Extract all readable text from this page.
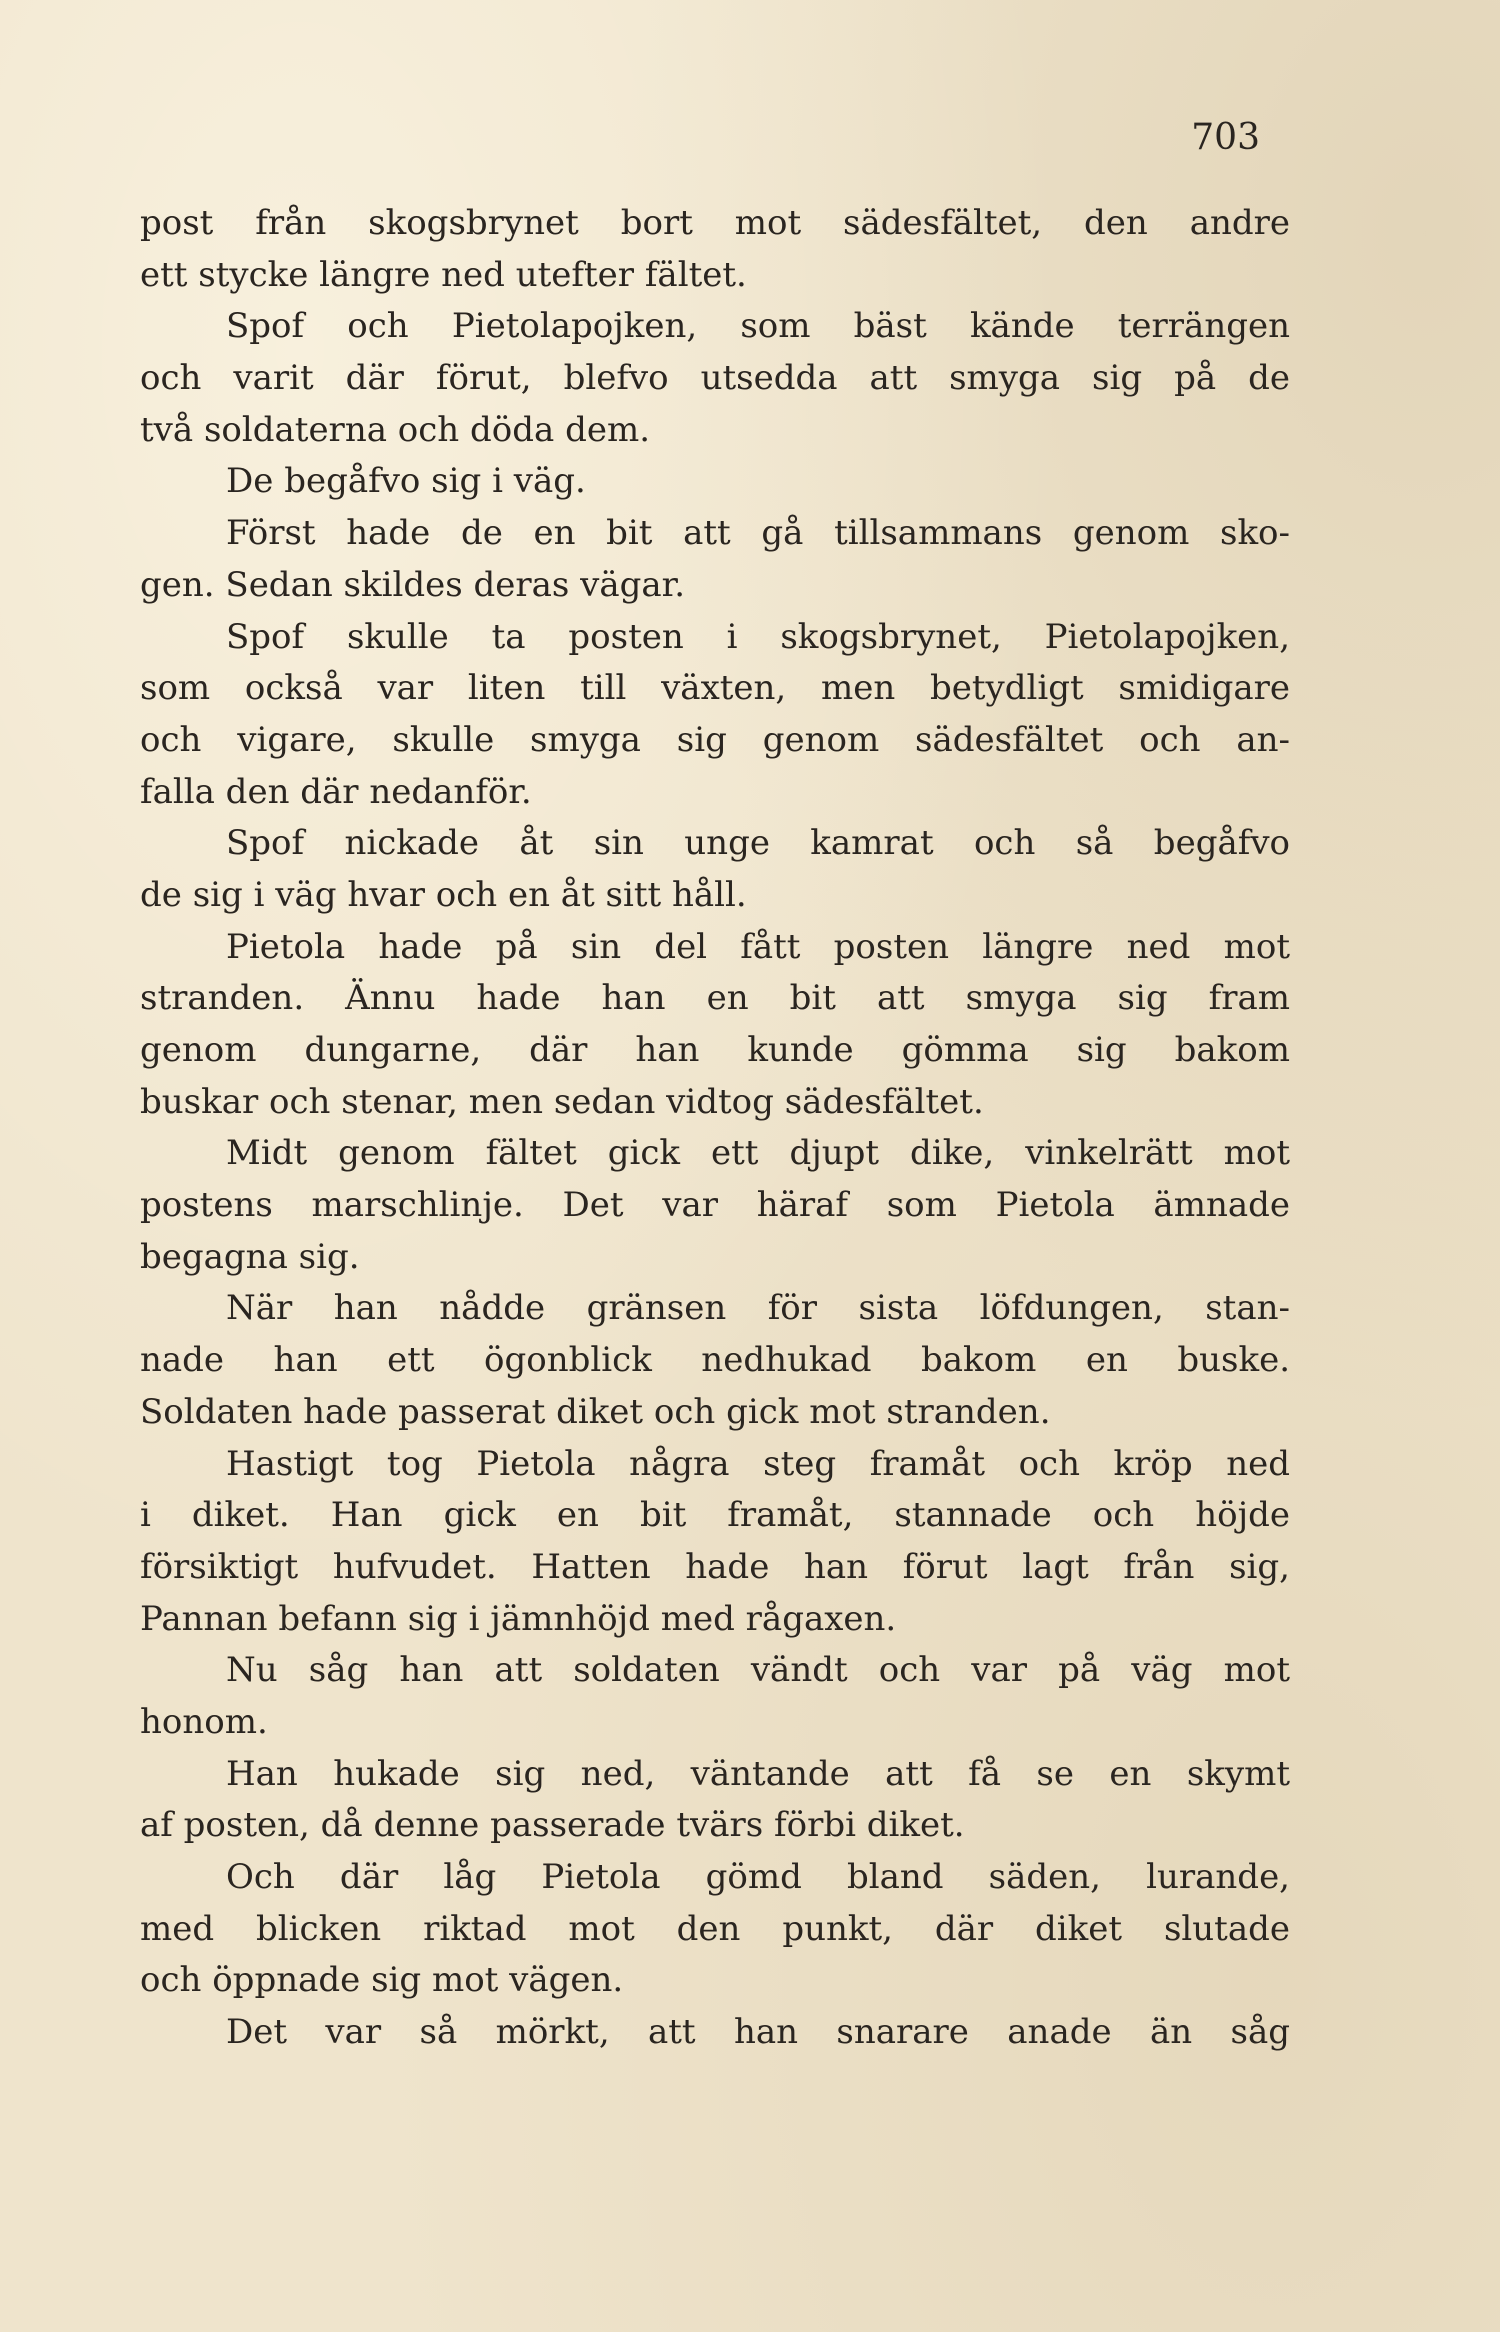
703
post från skogsbrynet bort mot sädesfältet, den andre
ett stycke längre ned utefter fältet.
Spof och Pietolapojken, som bäst kände terrängen
och varit där förut, blefvo utsedda att smyga sig på de
två soldaterna och döda dem.
De begåfvo sig i väg.
Först hade de en bit att gå tillsammans genom sko-
gen. Sedan skildes deras vägar.
Spof skulle ta posten i skogsbrynet, Pietolapojken,
som också var liten till växten, men betydligt smidigare
och vigare, skulle smyga sig genom sädesfältet och an-
falla den där nedanför.
Spof nickade åt sin unge kamrat och så begåfvo
de sig i väg hvar och en åt sitt håll.
Pietola hade på sin del fått posten längre ned mot
stranden. Ännu hade han en bit att smyga sig fram
genom dungarne, där han kunde gömma sig bakom
buskar och stenar, men sedan vidtog sädesfältet.
Midt genom fältet gick ett djupt dike, vinkelrätt mot
postens marschlinje. Det var häraf som Pietola ämnade
begagna sig.
När han nådde gränsen för sista löfdungen, stan-
nade han ett ögonblick nedhukad bakom en buske.
Soldaten hade passerat diket och gick mot stranden.
Hastigt tog Pietola några steg framåt och kröp ned
i diket. Han gick en bit framåt, stannade och höjde
försiktigt hufvudet. Hatten hade han förut lagt från sig,
Pannan befann sig i jämnhöjd med rågaxen.
Nu såg han att soldaten vändt och var på väg mot
honom.
Han hukade sig ned, väntande att få se en skymt
af posten, då denne passerade tvärs förbi diket.
Och där låg Pietola gömd bland säden, lurande,
med blicken riktad mot den punkt, där diket slutade
och öppnade sig mot vägen.
Det var så mörkt, att han snarare anade än såg
